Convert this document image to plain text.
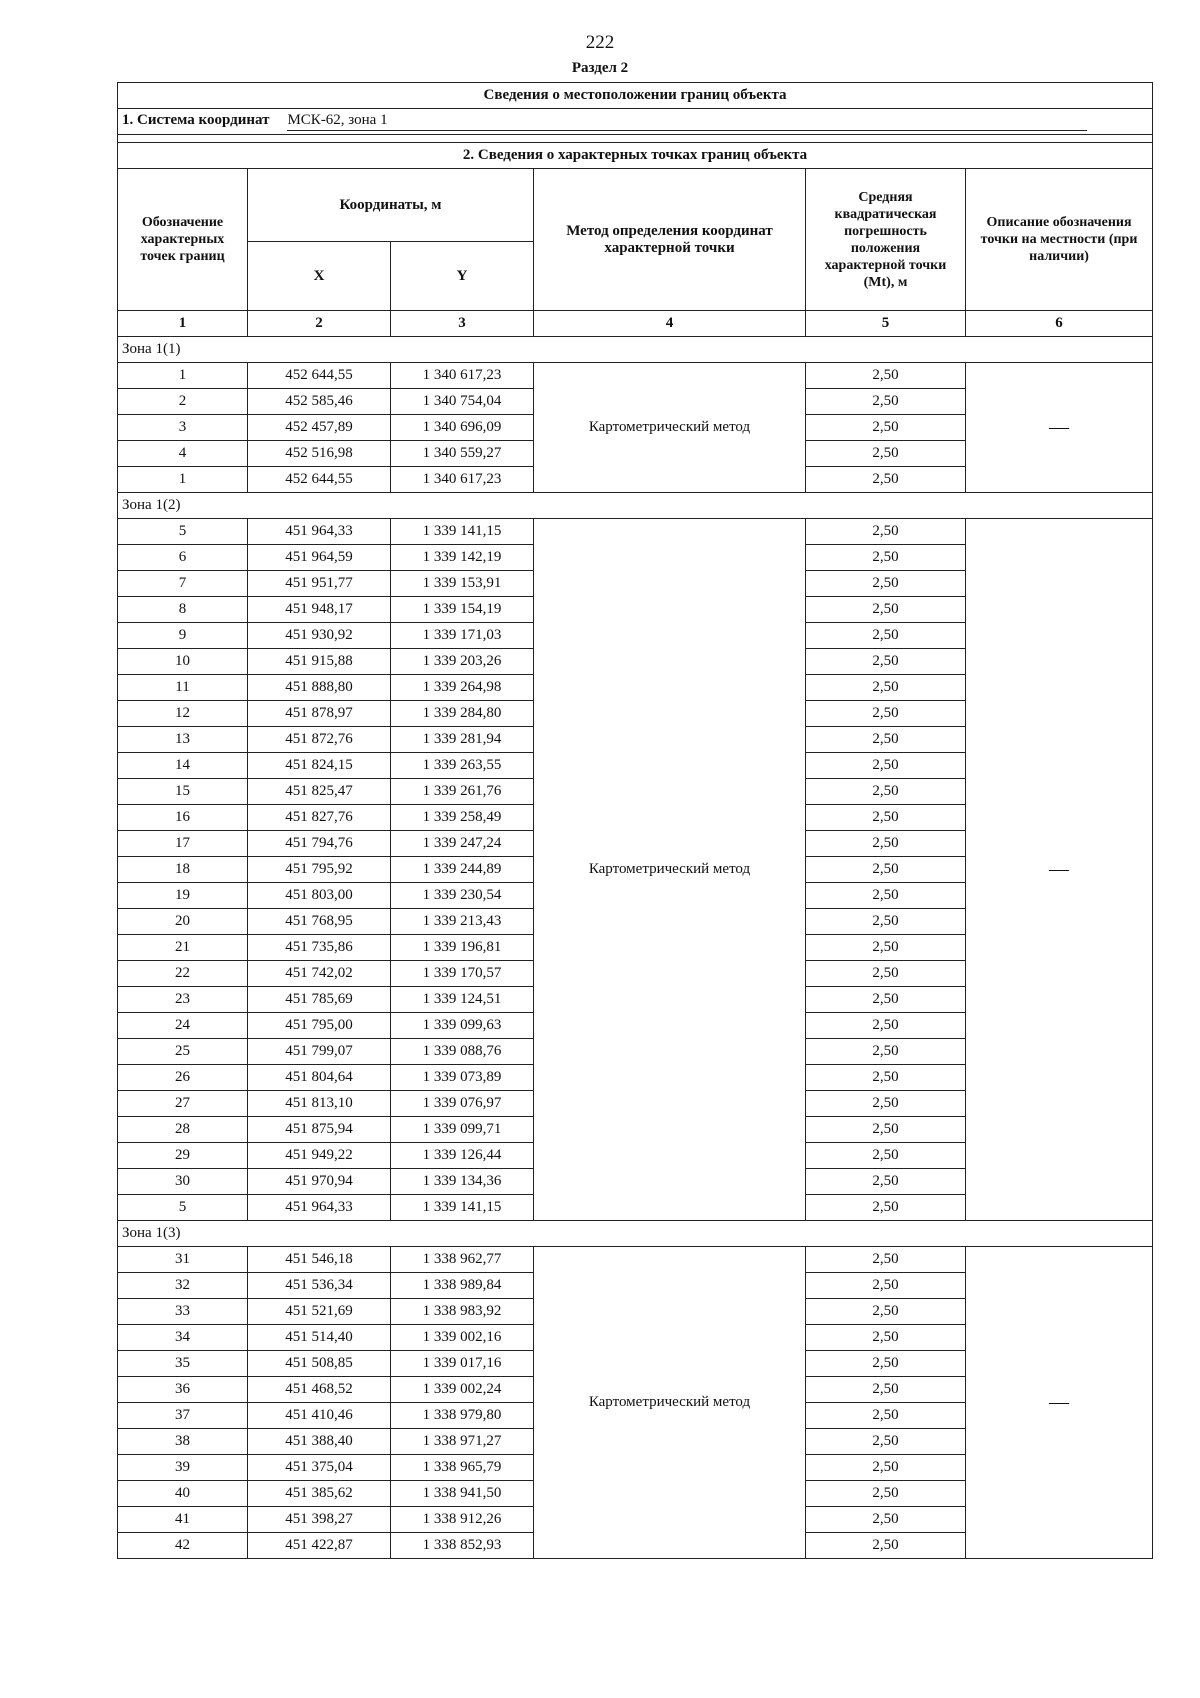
222
Раздел 2
Сведения о местоположении границ объекта					
1. Система координат МСК-62, зона 1					

2. Сведения о характерных точках границ объекта					
Обозначение характерных точек границ	Координаты, м		Метод определения координат характерной точки	Средняя квадратическая погрешность положения характерной точки (Mt), м	Описание обозначения точки на местности (при наличии)
	X	Y			
1	2	3	4	5	6
Зона 1(1)					
1	452 644,55	1 340 617,23	Картометрический метод	2,50	—
2	452 585,46	1 340 754,04		2,50	
3	452 457,89	1 340 696,09		2,50	
4	452 516,98	1 340 559,27		2,50	
1	452 644,55	1 340 617,23		2,50	
Зона 1(2)					
5	451 964,33	1 339 141,15	Картометрический метод	2,50	—
6	451 964,59	1 339 142,19		2,50	
7	451 951,77	1 339 153,91		2,50	
8	451 948,17	1 339 154,19		2,50	
9	451 930,92	1 339 171,03		2,50	
10	451 915,88	1 339 203,26		2,50	
11	451 888,80	1 339 264,98		2,50	
12	451 878,97	1 339 284,80		2,50	
13	451 872,76	1 339 281,94		2,50	
14	451 824,15	1 339 263,55		2,50	
15	451 825,47	1 339 261,76		2,50	
16	451 827,76	1 339 258,49		2,50	
17	451 794,76	1 339 247,24		2,50	
18	451 795,92	1 339 244,89		2,50	
19	451 803,00	1 339 230,54		2,50	
20	451 768,95	1 339 213,43		2,50	
21	451 735,86	1 339 196,81		2,50	
22	451 742,02	1 339 170,57		2,50	
23	451 785,69	1 339 124,51		2,50	
24	451 795,00	1 339 099,63		2,50	
25	451 799,07	1 339 088,76		2,50	
26	451 804,64	1 339 073,89		2,50	
27	451 813,10	1 339 076,97		2,50	
28	451 875,94	1 339 099,71		2,50	
29	451 949,22	1 339 126,44		2,50	
30	451 970,94	1 339 134,36		2,50	
5	451 964,33	1 339 141,15		2,50	
Зона 1(3)					
31	451 546,18	1 338 962,77	Картометрический метод	2,50	—
32	451 536,34	1 338 989,84		2,50	
33	451 521,69	1 338 983,92		2,50	
34	451 514,40	1 339 002,16		2,50	
35	451 508,85	1 339 017,16		2,50	
36	451 468,52	1 339 002,24		2,50	
37	451 410,46	1 338 979,80		2,50	
38	451 388,40	1 338 971,27		2,50	
39	451 375,04	1 338 965,79		2,50	
40	451 385,62	1 338 941,50		2,50	
41	451 398,27	1 338 912,26		2,50	
42	451 422,87	1 338 852,93		2,50	
